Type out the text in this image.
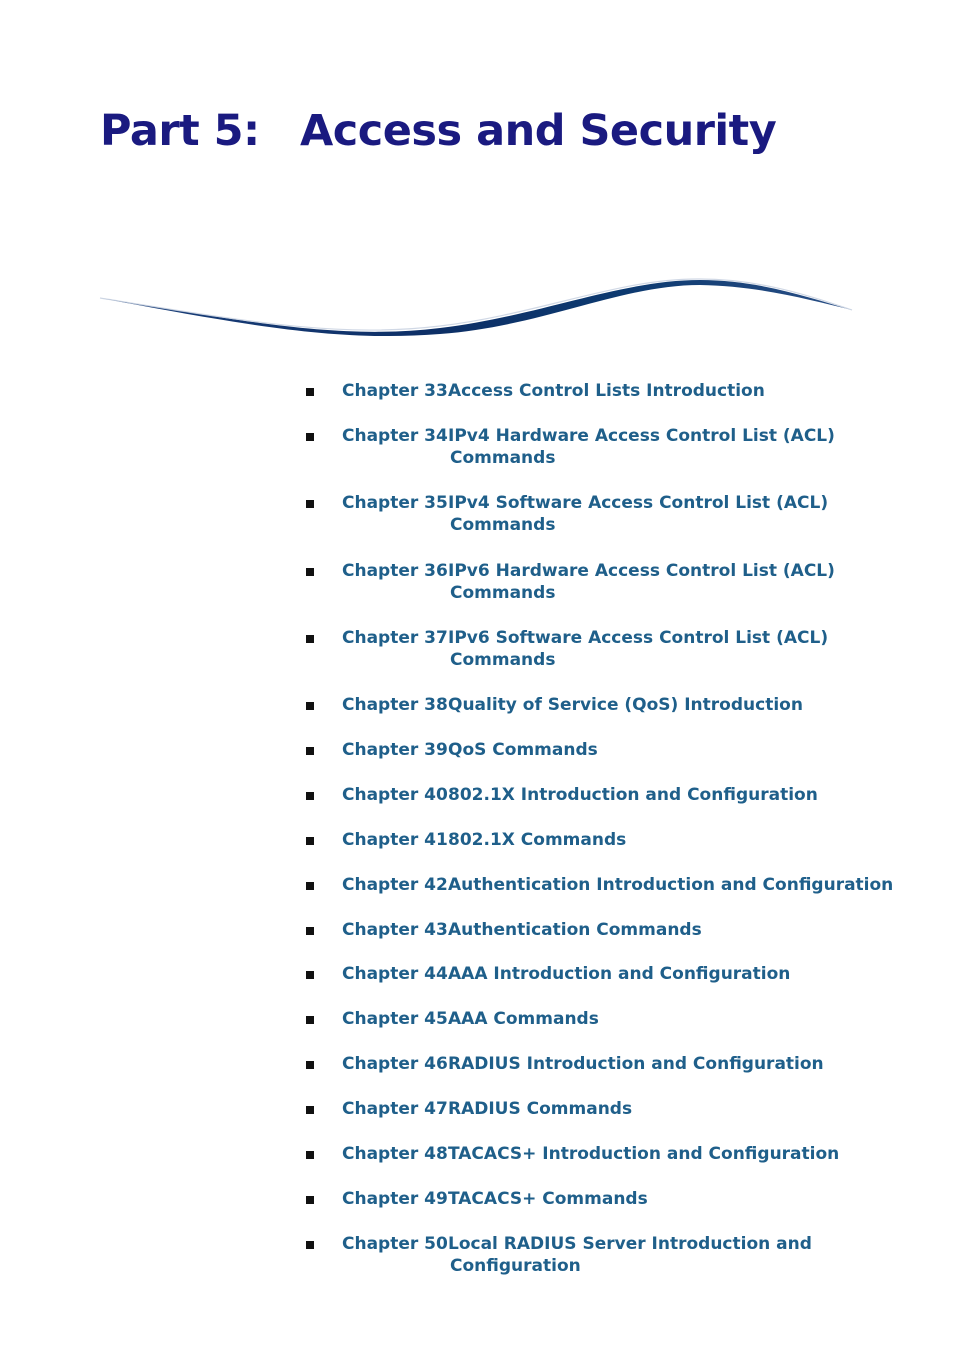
Part 5: Access and Security
Chapter 33 Access Control Lists Introduction
Chapter 34 IPv4 Hardware Access Control List (ACL)
Commands
Chapter 35 IPv4 Software Access Control List (ACL)
Commands
Chapter 36 IPv6 Hardware Access Control List (ACL)
Commands
Chapter 37 IPv6 Software Access Control List (ACL)
Commands
Chapter 38 Quality of Service (QoS) Introduction
Chapter 39 QoS Commands
Chapter 40 802.1X Introduction and Configuration
Chapter 41 802.1X Commands
Chapter 42 Authentication Introduction and Configuration
Chapter 43 Authentication Commands
Chapter 44 AAA Introduction and Configuration
Chapter 45 AAA Commands
Chapter 46 RADIUS Introduction and Configuration
Chapter 47 RADIUS Commands
Chapter 48 TACACS+ Introduction and Configuration
Chapter 49 TACACS+ Commands
Chapter 50 Local RADIUS Server Introduction and
Configuration
